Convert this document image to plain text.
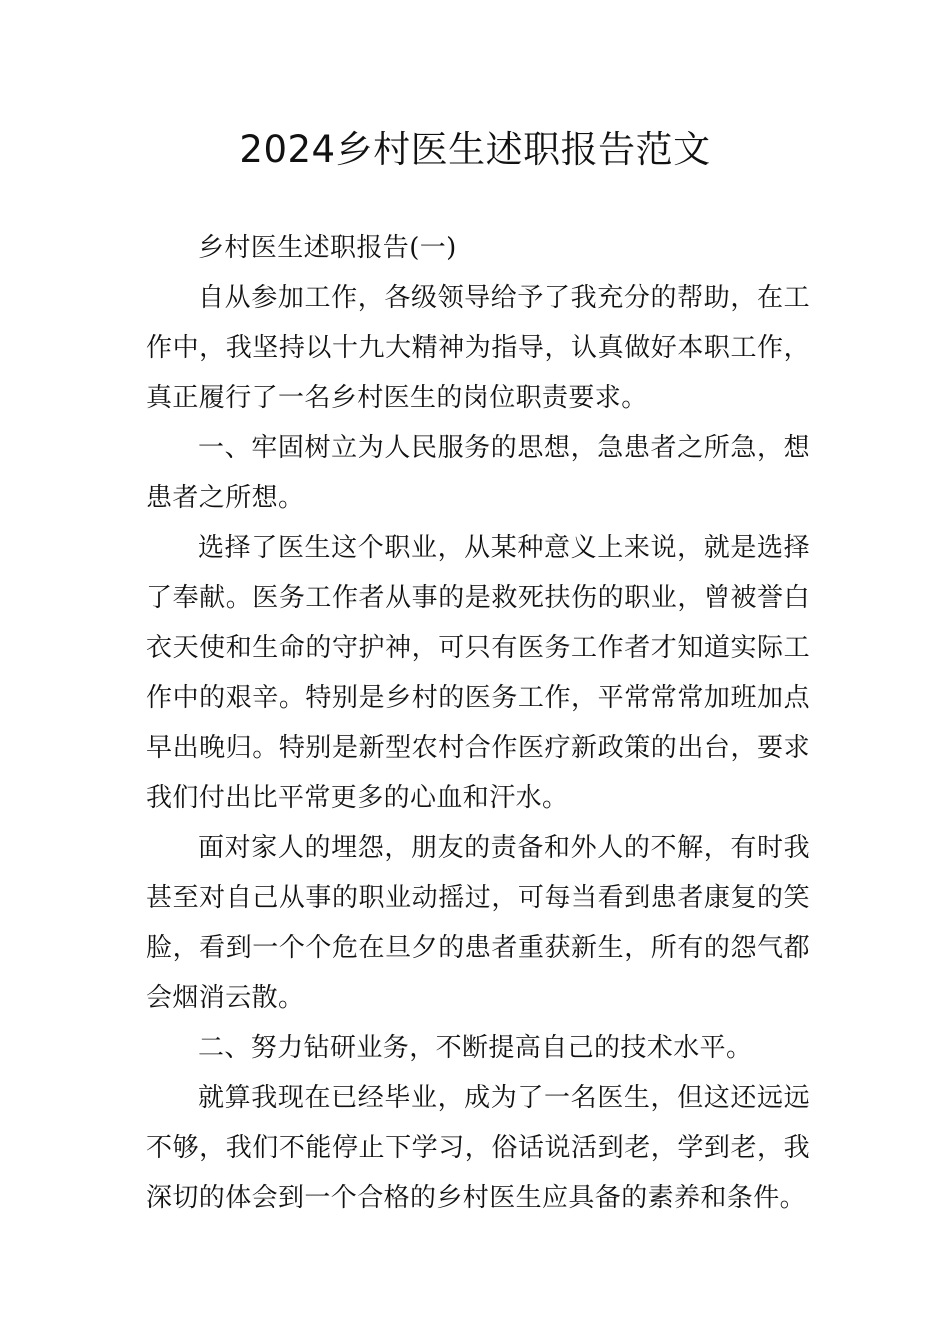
2024乡村医生述职报告范文

乡村医生述职报告(一)

自从参加工作，各级领导给予了我充分的帮助，在工作中，我坚持以十九大精神为指导，认真做好本职工作，真正履行了一名乡村医生的岗位职责要求。

一、牢固树立为人民服务的思想，急患者之所急，想患者之所想。

选择了医生这个职业，从某种意义上来说，就是选择了奉献。医务工作者从事的是救死扶伤的职业，曾被誉白衣天使和生命的守护神，可只有医务工作者才知道实际工作中的艰辛。特别是乡村的医务工作，平常常常加班加点早出晚归。特别是新型农村合作医疗新政策的出台，要求我们付出比平常更多的心血和汗水。

面对家人的埋怨，朋友的责备和外人的不解，有时我甚至对自己从事的职业动摇过，可每当看到患者康复的笑脸，看到一个个危在旦夕的患者重获新生，所有的怨气都会烟消云散。

二、努力钻研业务，不断提高自己的技术水平。

就算我现在已经毕业，成为了一名医生，但这还远远不够，我们不能停止下学习，俗话说活到老，学到老，我深切的体会到一个合格的乡村医生应具备的素养和条件。
